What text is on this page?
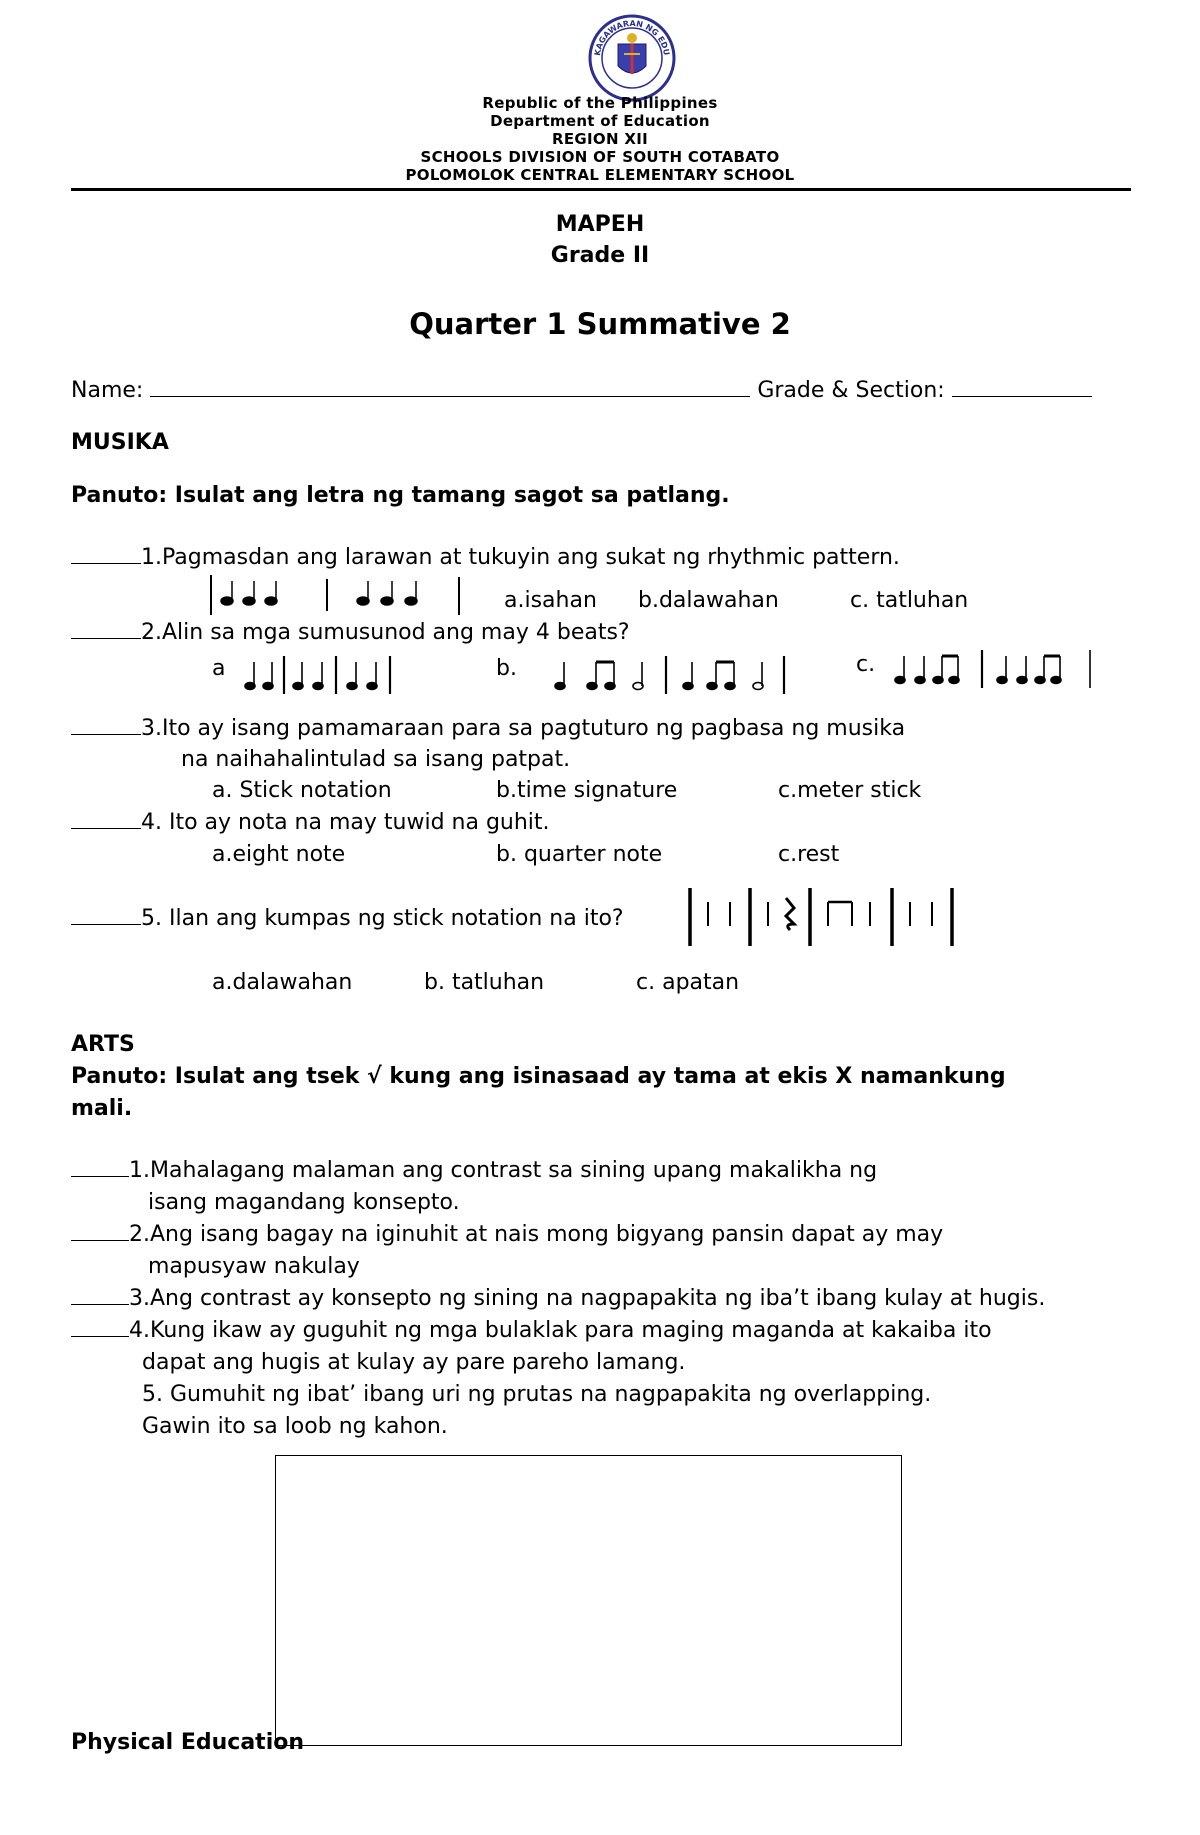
KAGAWARAN NG EDU
Republic of the Philippines
Department of Education
REGION XII
SCHOOLS DIVISION OF SOUTH COTABATO
POLOMOLOK CENTRAL ELEMENTARY SCHOOL
MAPEH
Grade II
Quarter 1 Summative 2
Name:	Grade & Section:
MUSIKA
Panuto: Isulat ang letra ng tamang sagot sa patlang.
1.Pagmasdan ang larawan at tukuyin ang sukat ng rhythmic pattern.
a.isahan b.dalawahan	c. tatluhan
2.Alin sa mga sumusunod ang may 4 beats?
a	b.	c.
3.Ito ay isang pamamaraan para sa pagtuturo ng pagbasa ng musika
na naihahalintulad sa isang patpat.
a. Stick notation	b.time signature	c.meter stick
4. Ito ay nota na may tuwid na guhit.
a.eight note	b. quarter note	c.rest
5. Ilan ang kumpas ng stick notation na ito?
a.dalawahan	b. tatluhan	c. apatan
ARTS
Panuto: Isulat ang tsek √ kung ang isinasaad ay tama at ekis X namankung
mali.
1.Mahalagang malaman ang contrast sa sining upang makalikha ng
isang magandang konsepto.
2.Ang isang bagay na iginuhit at nais mong bigyang pansin dapat ay may
mapusyaw nakulay
3.Ang contrast ay konsepto ng sining na nagpapakita ng iba’t ibang kulay at hugis.
4.Kung ikaw ay guguhit ng mga bulaklak para maging maganda at kakaiba ito
dapat ang hugis at kulay ay pare pareho lamang.
5. Gumuhit ng ibat’ ibang uri ng prutas na nagpapakita ng overlapping.
Gawin ito sa loob ng kahon.
Physical Education
